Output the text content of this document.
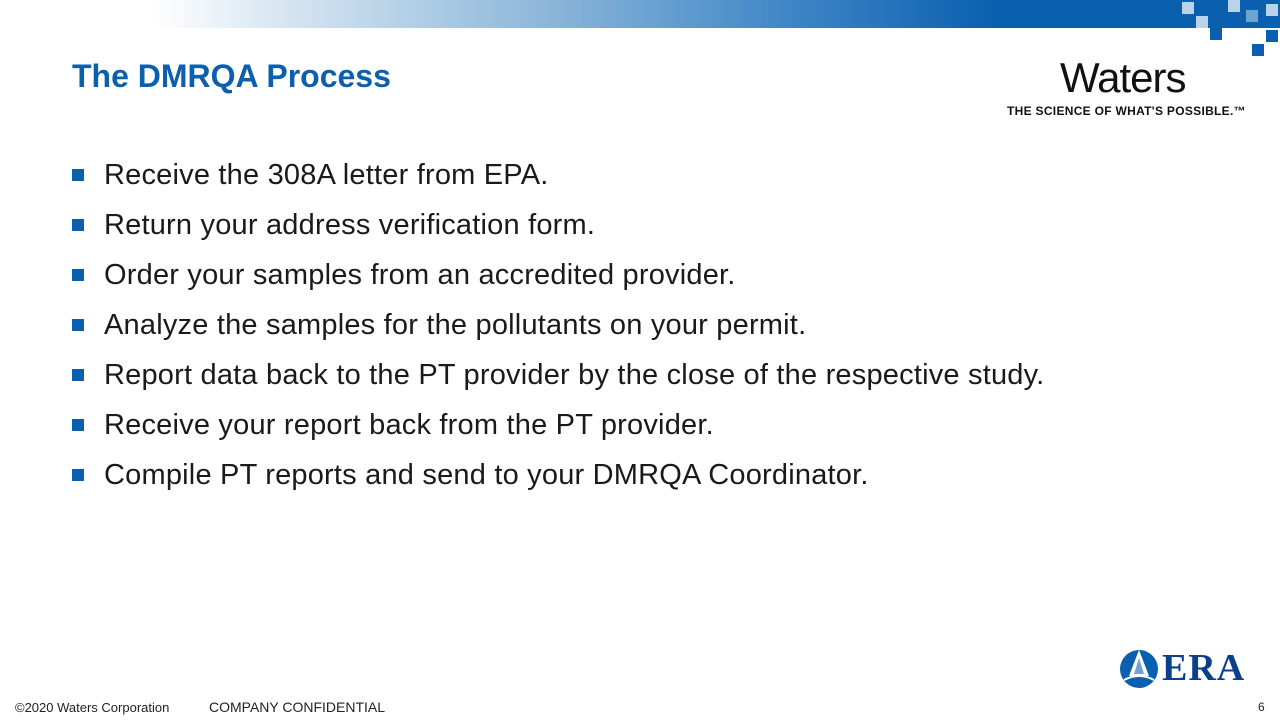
The DMRQA Process	Waters
THE SCIENCE OF WHAT'S POSSIBLE.™
Receive the 308A letter from EPA.
Return your address verification form.
Order your samples from an accredited provider.
Analyze the samples for the pollutants on your permit.
Report data back to the PT provider by the close of the respective study.
Receive your report back from the PT provider.
Compile PT reports and send to your DMRQA Coordinator.
©2020 Waters Corporation	COMPANY CONFIDENTIAL
ERA
6
